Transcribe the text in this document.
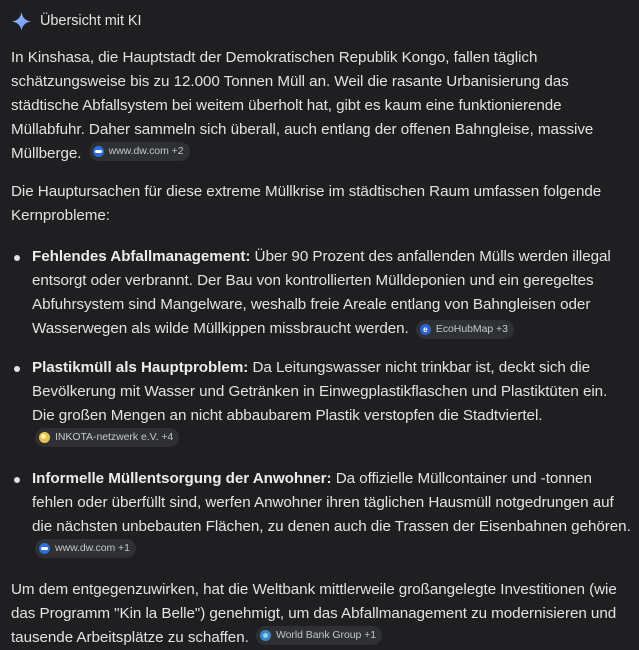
Übersicht mit KI

In Kinshasa, die Hauptstadt der Demokratischen Republik Kongo, fallen täglich schätzungsweise bis zu 12.000 Tonnen Müll an. Weil die rasante Urbanisierung das städtische Abfallsystem bei weitem überholt hat, gibt es kaum eine funktionierende Müllabfuhr. Daher sammeln sich überall, auch entlang der offenen Bahngleise, massive Müllberge.	www.dw.com +2

Die Hauptursachen für diese extreme Müllkrise im städtischen Raum umfassen folgende Kernprobleme:

Fehlendes Abfallmanagement: Über 90 Prozent des anfallenden Mülls werden illegal entsorgt oder verbrannt. Der Bau von kontrollierten Mülldeponien und ein geregeltes Abfuhrsystem sind Mangelware, weshalb freie Areale entlang von Bahngleisen oder Wasserwegen als wilde Müllkippen missbraucht werden.	e EcoHubMap +3
Plastikmüll als Hauptproblem: Da Leitungswasser nicht trinkbar ist, deckt sich die Bevölkerung mit Wasser und Getränken in Einwegplastikflaschen und Plastiktüten ein. Die großen Mengen an nicht abbaubarem Plastik verstopfen die Stadtviertel.
INKOTA-netzwerk e.V. +4
Informelle Müllentsorgung der Anwohner: Da offizielle Müllcontainer und -tonnen fehlen oder überfüllt sind, werfen Anwohner ihren täglichen Hausmüll notgedrungen auf die nächsten unbebauten Flächen, zu denen auch die Trassen der Eisenbahnen gehören.
www.dw.com +1

Um dem entgegenzuwirken, hat die Weltbank mittlerweile großangelegte Investitionen (wie das Programm "Kin la Belle") genehmigt, um das Abfallmanagement zu modernisieren und tausende Arbeitsplätze zu schaffen.	World Bank Group +1
